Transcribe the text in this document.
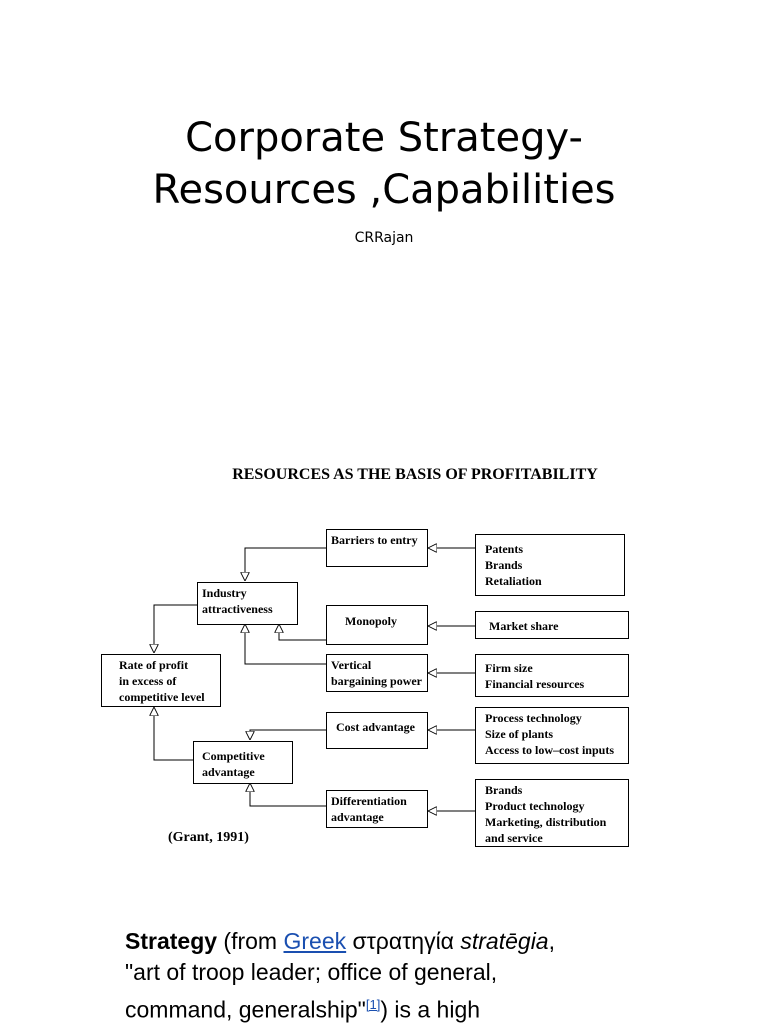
Corporate Strategy-
Resources ,Capabilities
CRRajan
RESOURCES AS THE BASIS OF PROFITABILITY
Barriers to entry
Patents
Brands
Retaliation
Industry
attractiveness
Monopoly	Market share
Rate of profit
in excess of
competitive level
Vertical
bargaining power
Firm size
Financial resources
Cost advantage
Process technology
Size of plants
Access to low–cost inputs
Competitive
advantage
Differentiation
advantage
Brands
Product technology
Marketing, distribution
and service
(Grant, 1991)
Strategy (from Greek στρατηγία stratēgia,
"art of troop leader; office of general,
command, generalship"[1]) is a high
